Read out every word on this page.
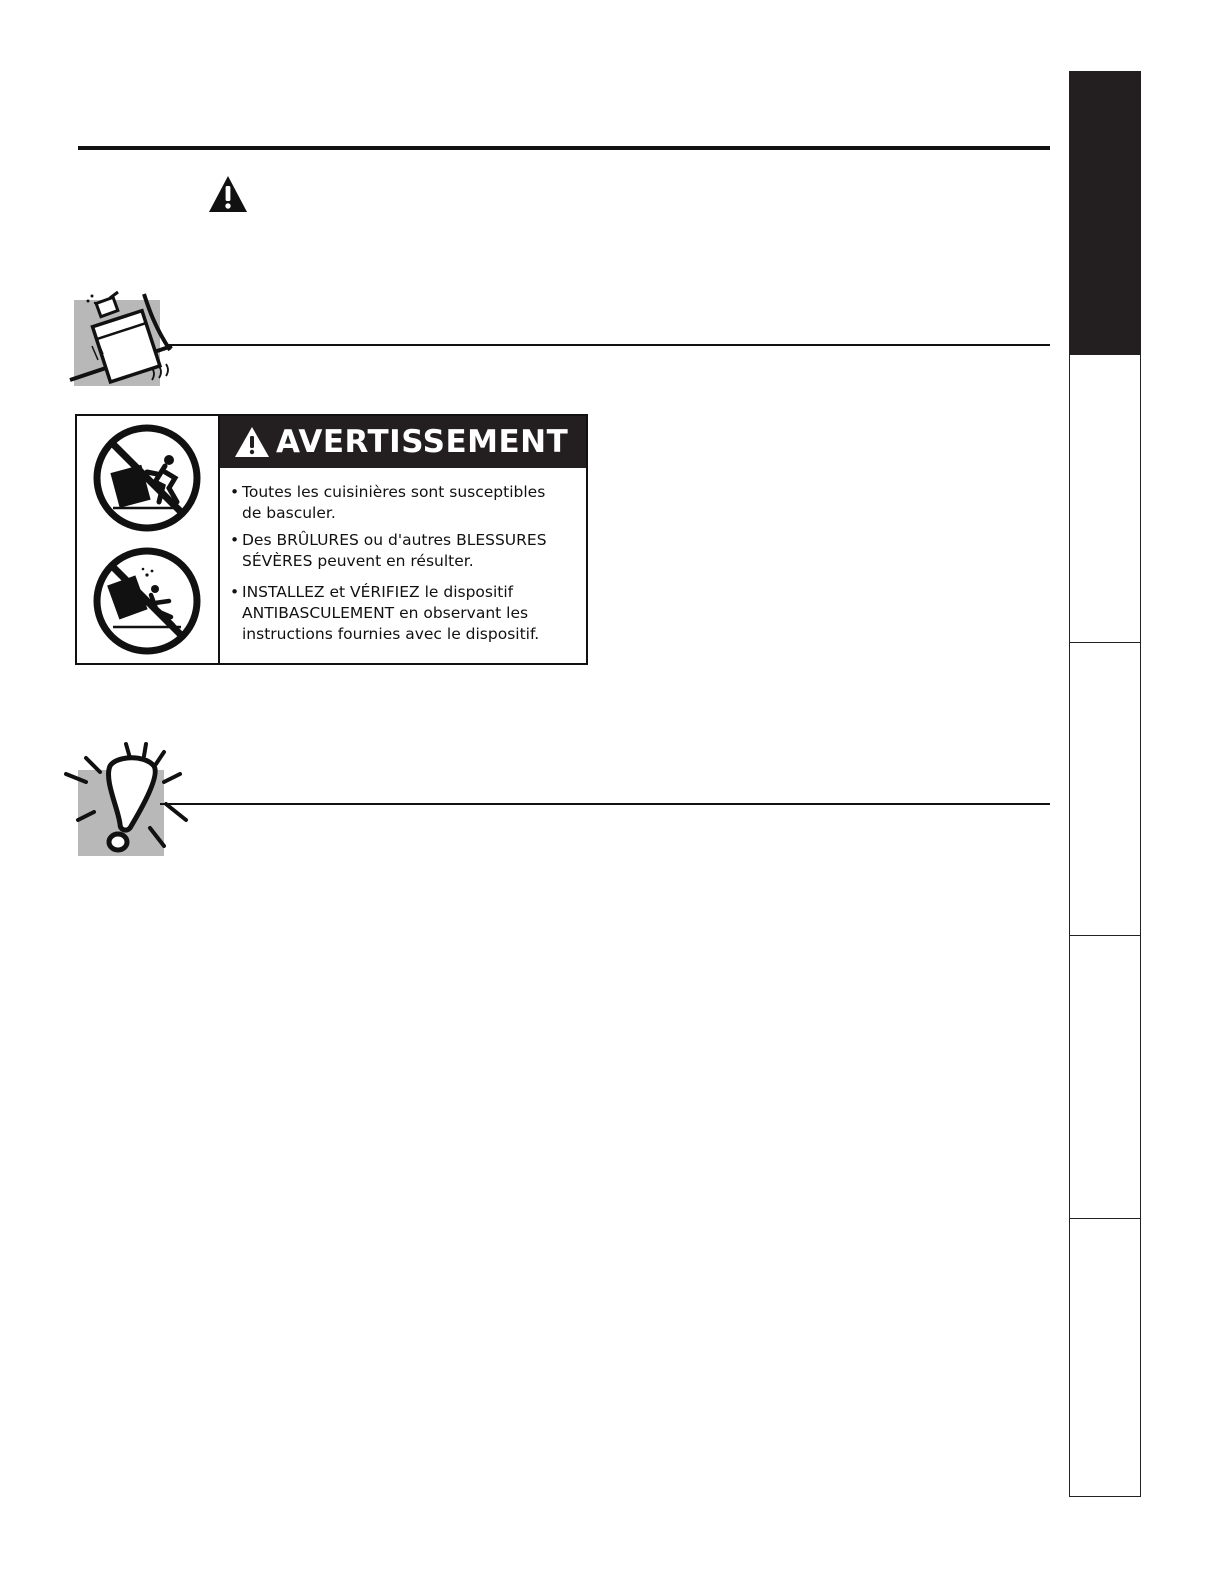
AVERTISSEMENT
• Toutes les cuisinières sont susceptibles
de basculer.
• Des BRÛLURES ou d'autres BLESSURES
SÉVÈRES peuvent en résulter.
• INSTALLEZ et VÉRIFIEZ le dispositif
ANTIBASCULEMENT en observant les
instructions fournies avec le dispositif.
